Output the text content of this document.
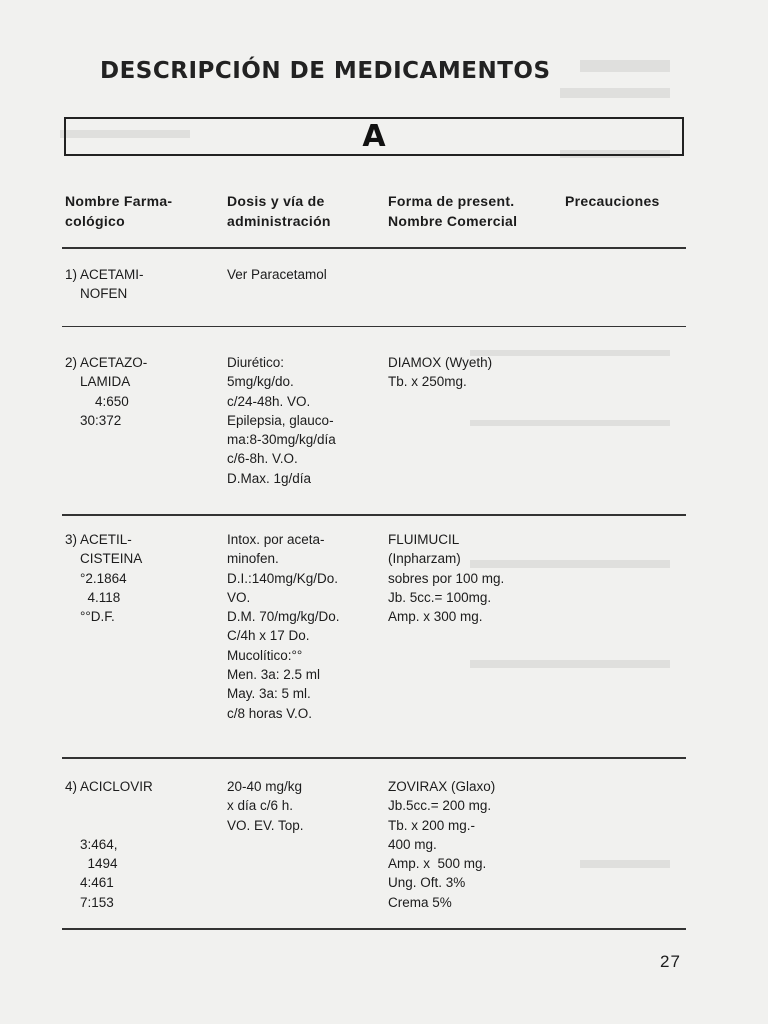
DESCRIPCIÓN DE MEDICAMENTOS
A
Nombre Farma-
cológico
Dosis y vía de
administración
Forma de present.
Nombre Comercial
Precauciones
1) ACETAMI-
NOFEN
Ver Paracetamol
2) ACETAZO-
LAMIDA
4:650
30:372
Diurético:
5mg/kg/do.
c/24-48h. VO.
Epilepsia, glauco-
ma:8-30mg/kg/día
c/6-8h. V.O.
D.Max. 1g/día
DIAMOX (Wyeth)
Tb. x 250mg.
3) ACETIL-
CISTEINA
°2.1864
4.118
°°D.F.
Intox. por aceta-
minofen.
D.I.:140mg/Kg/Do.
VO.
D.M. 70/mg/kg/Do.
C/4h x 17 Do.
Mucolítico:°°
Men. 3a: 2.5 ml
May. 3a: 5 ml.
c/8 horas V.O.
FLUIMUCIL
(Inpharzam)
sobres por 100 mg.
Jb. 5cc.= 100mg.
Amp. x 300 mg.
4) ACICLOVIR

3:464,
1494
4:461
7:153
20-40 mg/kg
x día c/6 h.
VO. EV. Top.
ZOVIRAX (Glaxo)
Jb.5cc.= 200 mg.
Tb. x 200 mg.-
400 mg.
Amp. x  500 mg.
Ung. Oft. 3%
Crema 5%
27
